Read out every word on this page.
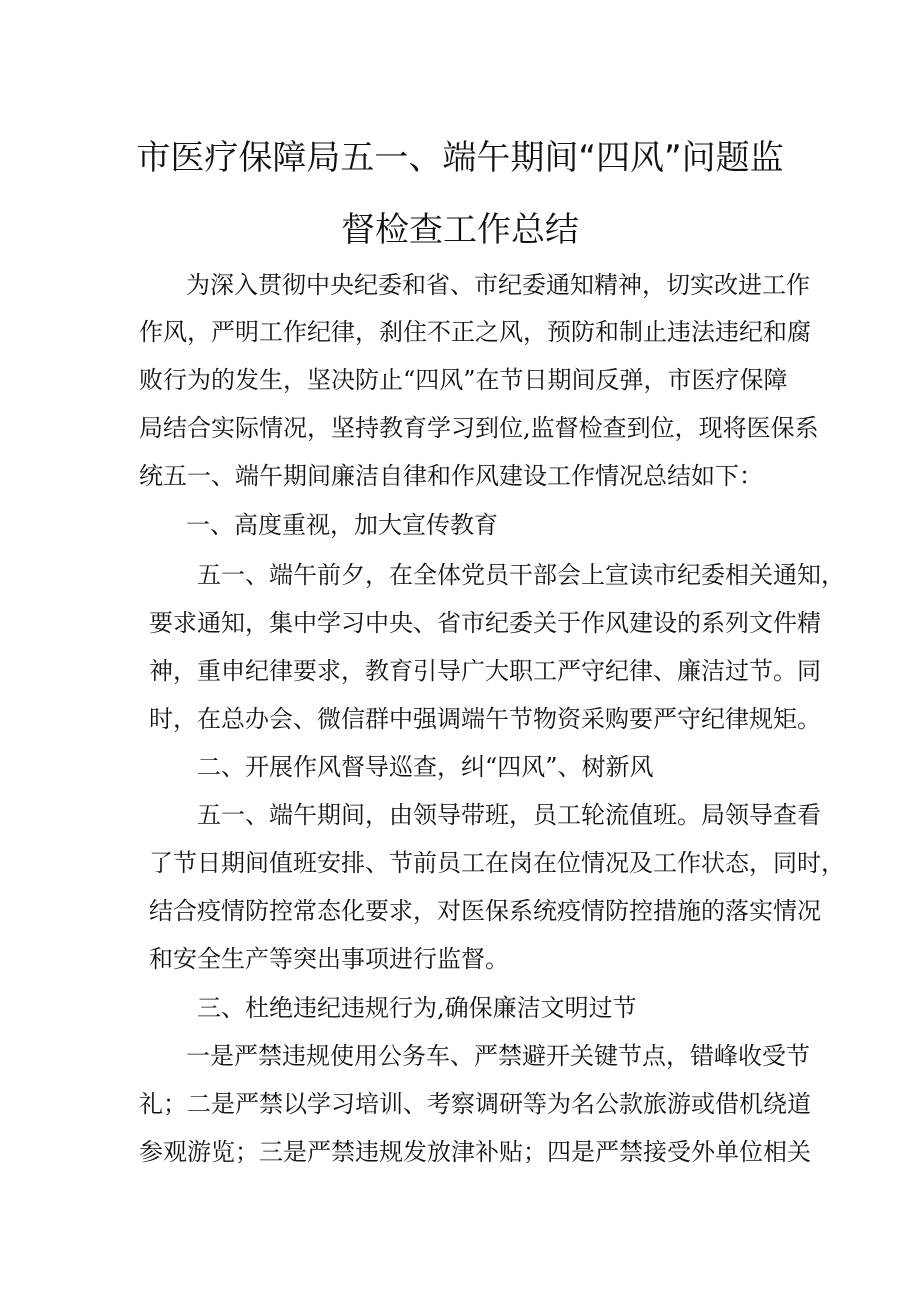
市医疗保障局五一、端午期间“四风”问题监
督检查工作总结
为深入贯彻中央纪委和省、市纪委通知精神，切实改进工作
作风，严明工作纪律，刹住不正之风，预防和制止违法违纪和腐
败行为的发生，坚决防止“四风”在节日期间反弹，市医疗保障
局结合实际情况，坚持教育学习到位,监督检查到位，现将医保系
统五一、端午期间廉洁自律和作风建设工作情况总结如下：
一、高度重视，加大宣传教育
五一、端午前夕，在全体党员干部会上宣读市纪委相关通知，
要求通知，集中学习中央、省市纪委关于作风建设的系列文件精
神，重申纪律要求，教育引导广大职工严守纪律、廉洁过节。同
时，在总办会、微信群中强调端午节物资采购要严守纪律规矩。
二、开展作风督导巡查，纠“四风”、树新风
五一、端午期间，由领导带班，员工轮流值班。局领导查看
了节日期间值班安排、节前员工在岗在位情况及工作状态，同时，
结合疫情防控常态化要求，对医保系统疫情防控措施的落实情况
和安全生产等突出事项进行监督。
三、杜绝违纪违规行为,确保廉洁文明过节
一是严禁违规使用公务车、严禁避开关键节点，错峰收受节
礼；二是严禁以学习培训、考察调研等为名公款旅游或借机绕道
参观游览；三是严禁违规发放津补贴；四是严禁接受外单位相关
